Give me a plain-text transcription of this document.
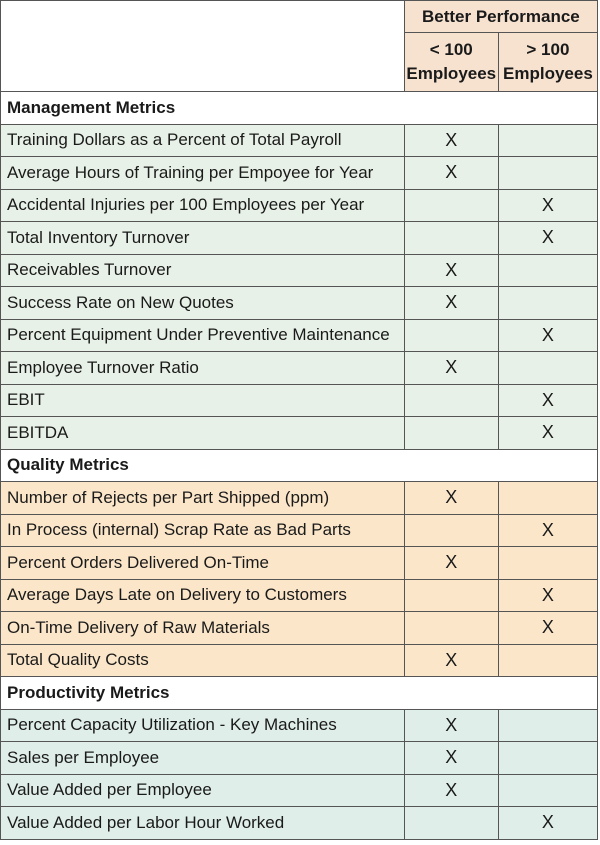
	Better Performance	
	< 100 Employees	> 100 Employees
Management Metrics		
Training Dollars as a Percent of Total Payroll	X	
Average Hours of Training per Empoyee for Year	X	
Accidental Injuries per 100 Employees per Year		X
Total Inventory Turnover		X
Receivables Turnover	X	
Success Rate on New Quotes	X	
Percent Equipment Under Preventive Maintenance		X
Employee Turnover Ratio	X	
EBIT		X
EBITDA		X
Quality Metrics		
Number of Rejects per Part Shipped (ppm)	X	
In Process (internal) Scrap Rate as Bad Parts		X
Percent Orders Delivered On-Time	X	
Average Days Late on Delivery to Customers		X
On-Time Delivery of Raw Materials		X
Total Quality Costs	X	
Productivity Metrics		
Percent Capacity Utilization - Key Machines	X	
Sales per Employee	X	
Value Added per Employee	X	
Value Added per Labor Hour Worked		X
